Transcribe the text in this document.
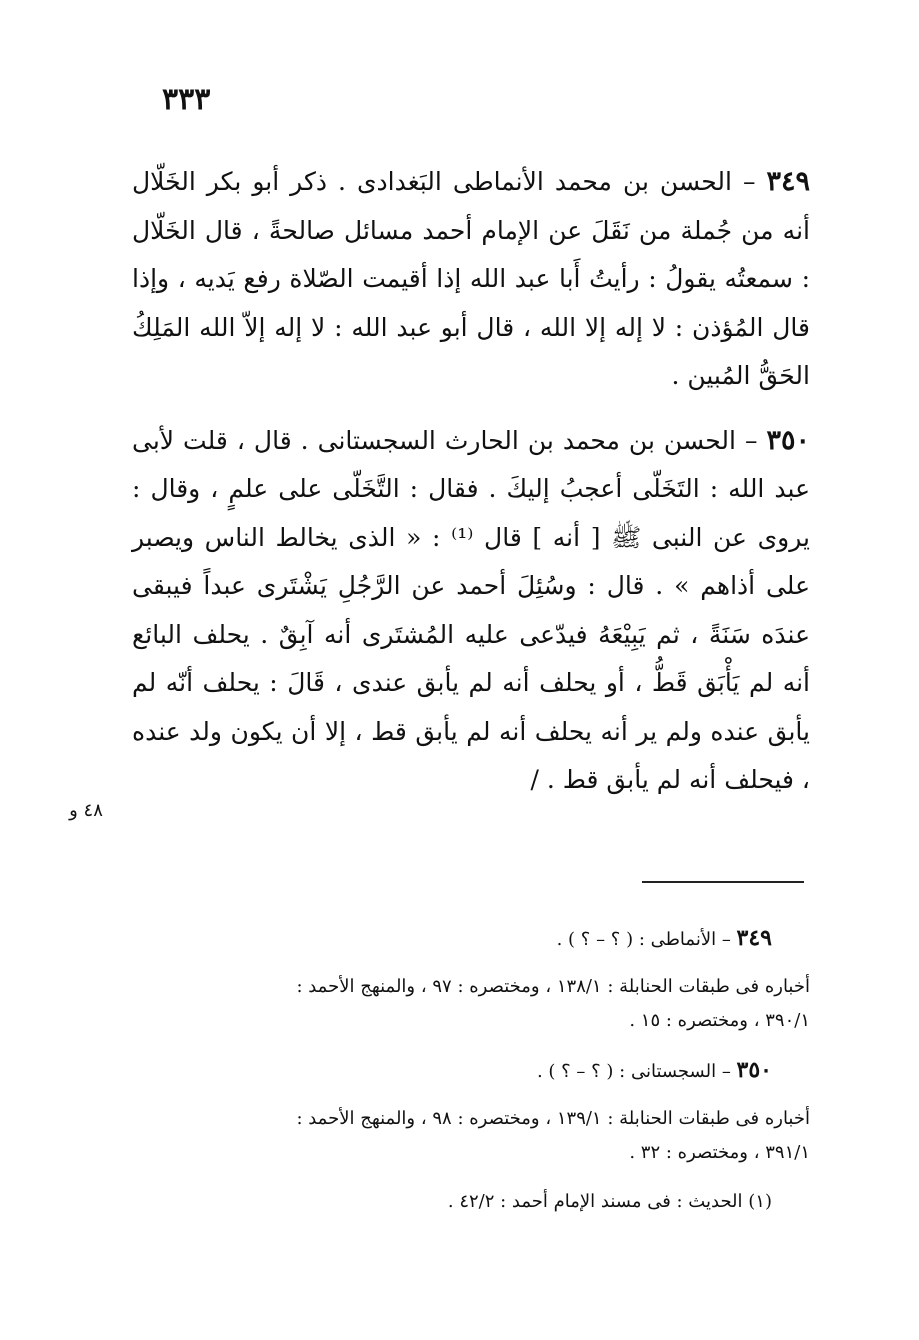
٣٣٣

٣٤٩ – الحسن بن محمد الأنماطى البَغدادى . ذكر أبو بكر الخَلّال أنه من جُملة من نَقَلَ عن الإمام أحمد مسائل صالحةً ، قال الخَلّال : سمعتُه يقولُ : رأيتُ أَبا عبد الله إذا أقيمت الصّلاة رفع يَديه ، وإذا قال المُؤذن : لا إله إلا الله ، قال أبو عبد الله : لا إله إلاّ الله المَلِكُ الحَقُّ المُبين .

٣٥٠ – الحسن بن محمد بن الحارث السجستانى . قال ، قلت لأبى عبد الله : التَخَلّى أعجبُ إليكَ . فقال : التَّخَلّى على علمٍ ، وقال : يروى عن النبى ﷺ [ أنه ] قال ⁽¹⁾ : « الذى يخالط الناس ويصبر على أذاهم » . قال : وسُئِلَ أحمد عن الرَّجُلِ يَشْتَرى عبداً فيبقى عندَه سَنَةً ، ثم يَبِيْعَهُ فيدّعى عليه المُشتَرى أنه آبِقٌ . يحلف البائع أنه لم يَأْبَق قَطُّ ، أو يحلف أنه لم يأبق عندى ، قَالَ : يحلف أنّه لم يأبق عنده ولم ير أنه يحلف أنه لم يأبق قط ، إلا أن يكون ولد عنده ، فيحلف أنه لم يأبق قط . /

٤٨ و

٣٤٩ – الأنماطى : ( ؟ – ؟ ) .

أخباره فى طبقات الحنابلة : ١٣٨/١ ، ومختصره : ٩٧ ، والمنهج الأحمد :
٣٩٠/١ ، ومختصره : ١٥ .

٣٥٠ – السجستانى : ( ؟ – ؟ ) .

أخباره فى طبقات الحنابلة : ١٣٩/١ ، ومختصره : ٩٨ ، والمنهج الأحمد :
٣٩١/١ ، ومختصره : ٣٢ .

(١) الحديث : فى مسند الإمام أحمد : ٤٢/٢ .
